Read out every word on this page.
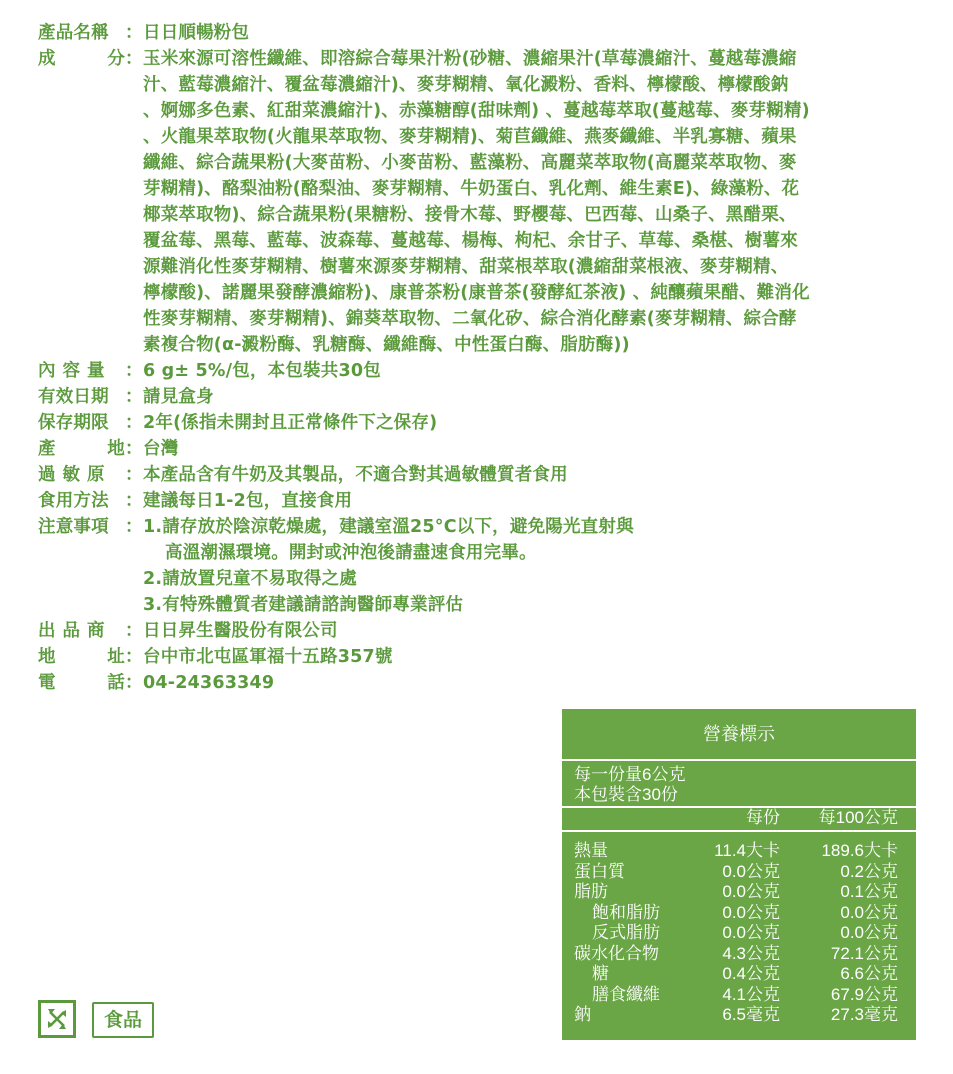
產品名稱 ： 日日順暢粉包
成	分 ： 玉米來源可溶性纖維、即溶綜合莓果汁粉(砂糖、濃縮果汁(草莓濃縮汁、蔓越莓濃縮
汁、藍莓濃縮汁、覆盆莓濃縮汁)、麥芽糊精、氧化澱粉、香料、檸檬酸、檸檬酸鈉
、婀娜多色素、紅甜菜濃縮汁)、赤藻糖醇(甜味劑) 、蔓越莓萃取(蔓越莓、麥芽糊精)
、火龍果萃取物(火龍果萃取物、麥芽糊精)、菊苣纖維、燕麥纖維、半乳寡糖、蘋果
纖維、綜合蔬果粉(大麥苗粉、小麥苗粉、藍藻粉、高麗菜萃取物(高麗菜萃取物、麥
芽糊精)、酪梨油粉(酪梨油、麥芽糊精、牛奶蛋白、乳化劑、維生素E)、綠藻粉、花
椰菜萃取物)、綜合蔬果粉(果糖粉、接骨木莓、野櫻莓、巴西莓、山桑子、黑醋栗、
覆盆莓、黑莓、藍莓、波森莓、蔓越莓、楊梅、枸杞、余甘子、草莓、桑椹、樹薯來
源難消化性麥芽糊精、樹薯來源麥芽糊精、甜菜根萃取(濃縮甜菜根液、麥芽糊精、
檸檬酸)、諾麗果發酵濃縮粉)、康普茶粉(康普茶(發酵紅茶液) 、純釀蘋果醋、難消化
性麥芽糊精、麥芽糊精)、錦葵萃取物、二氧化矽、綜合消化酵素(麥芽糊精、綜合酵
素複合物(α-澱粉酶、乳糖酶、纖維酶、中性蛋白酶、脂肪酶))
內容量 ： 6 g± 5%/包，本包裝共30包
有效日期 ： 請見盒身
保存期限 ： 2年(係指未開封且正常條件下之保存)
產	地 ： 台灣
過敏原 ： 本產品含有牛奶及其製品，不適合對其過敏體質者食用
食用方法 ： 建議每日1-2包，直接食用
注意事項 ： 1.請存放於陰涼乾燥處，建議室溫25°C以下，避免陽光直射與
高溫潮濕環境。開封或沖泡後請盡速食用完畢。
2.請放置兒童不易取得之處
3.有特殊體質者建議請諮詢醫師專業評估
出品商 ： 日日昇生醫股份有限公司
地	址 ： 台中市北屯區軍福十五路357號
電	話 ： 04-24363349
營養標示
每一份量6公克
本包裝含30份
每份 每100公克
熱量	11.4大卡 189.6大卡
蛋白質	0.0公克	0.2公克
脂肪	0.0公克	0.1公克
飽和脂肪	0.0公克	0.0公克
反式脂肪	0.0公克	0.0公克
碳水化合物	4.3公克	72.1公克
糖	0.4公克	6.6公克
膳食纖維	4.1公克	67.9公克
鈉	6.5毫克	27.3毫克
食品
